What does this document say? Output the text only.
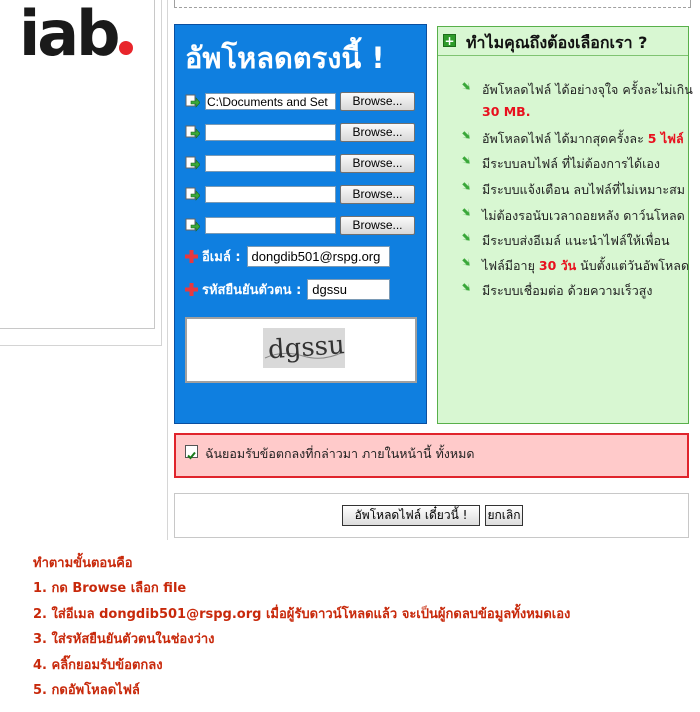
iab	อัพโหลดตรงนี้ !
C:\Documents and Set	Browse...
Browse...
Browse...
Browse...
Browse...
อีเมล์ : dongdib501@rspg.org
รหัสยืนยันตัวตน : dgssu
dgssu
+ ทำไมคุณถึงต้องเลือกเรา ?
อัพโหลดไฟล์ ได้อย่างจุใจ ครั้งละไม่เกิน
30 MB.
อัพโหลดไฟล์ ได้มากสุดครั้งละ 5 ไฟล์
มีระบบลบไฟล์ ที่ไม่ต้องการได้เอง
มีระบบแจ้งเตือน ลบไฟล์ที่ไม่เหมาะสม
ไม่ต้องรอนับเวลาถอยหลัง ดาว์นโหลด
มีระบบส่งอีเมล์ แนะนำไฟล์ให้เพื่อน
ไฟล์มีอายุ 30 วัน นับตั้งแต่วันอัพโหลด
มีระบบเชื่อมต่อ ด้วยความเร็วสูง
ฉันยอมรับข้อตกลงที่กล่าวมา ภายในหน้านี้ ทั้งหมด
อัพโหลดไฟล์ เดี๋ยวนี้ !	ยกเลิก
ทำตามขั้นตอนคือ
1. กด Browse เลือก file
2. ใส่อีเมล dongdib501@rspg.org เมื่อผู้รับดาวน์โหลดแล้ว จะเป็นผู้กดลบข้อมูลทั้งหมดเอง
3. ใส่รหัสยืนยันตัวตนในช่องว่าง
4. คลิ๊กยอมรับข้อตกลง
5. กดอัพโหลดไฟล์
